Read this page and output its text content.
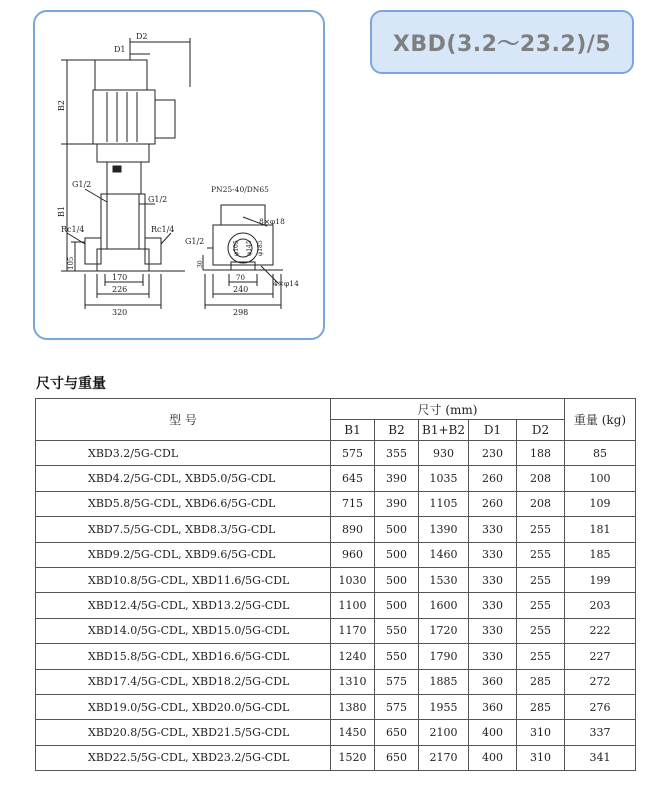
D2
D1
B2
B1
105
G1/2
G1/2
Rc1/4	Rc1/4
170
226
320
PN25-40/DN65
8×φ18
G1/2	φ105 φ145 φ185
30
70
4×φ14
240
298
XBD(3.2～23.2)/5
尺寸与重量
型 号	尺寸 (mm)					重量 (kg)
	B1	B2	B1+B2	D1	D2	
XBD3.2/5G-CDL	575	355	930	230	188	85
XBD4.2/5G-CDL, XBD5.0/5G-CDL	645	390	1035	260	208	100
XBD5.8/5G-CDL, XBD6.6/5G-CDL	715	390	1105	260	208	109
XBD7.5/5G-CDL, XBD8.3/5G-CDL	890	500	1390	330	255	181
XBD9.2/5G-CDL, XBD9.6/5G-CDL	960	500	1460	330	255	185
XBD10.8/5G-CDL, XBD11.6/5G-CDL	1030	500	1530	330	255	199
XBD12.4/5G-CDL, XBD13.2/5G-CDL	1100	500	1600	330	255	203
XBD14.0/5G-CDL, XBD15.0/5G-CDL	1170	550	1720	330	255	222
XBD15.8/5G-CDL, XBD16.6/5G-CDL	1240	550	1790	330	255	227
XBD17.4/5G-CDL, XBD18.2/5G-CDL	1310	575	1885	360	285	272
XBD19.0/5G-CDL, XBD20.0/5G-CDL	1380	575	1955	360	285	276
XBD20.8/5G-CDL, XBD21.5/5G-CDL	1450	650	2100	400	310	337
XBD22.5/5G-CDL, XBD23.2/5G-CDL	1520	650	2170	400	310	341
